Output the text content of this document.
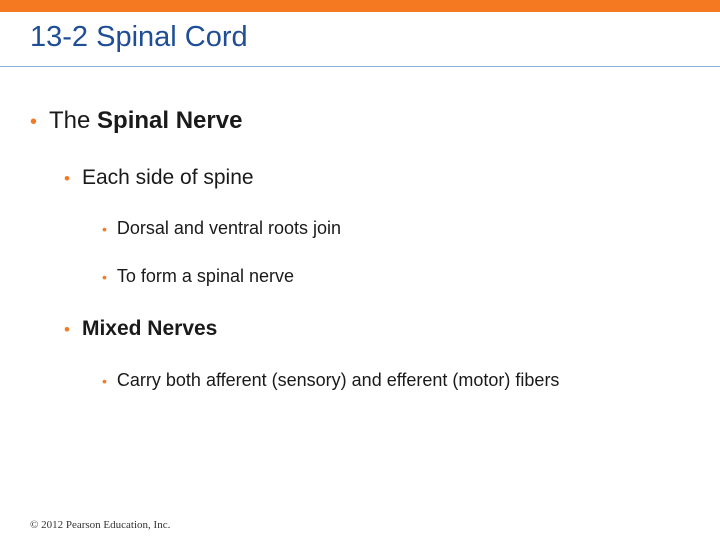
13-2 Spinal Cord
• The Spinal Nerve
• Each side of spine
• Dorsal and ventral roots join
• To form a spinal nerve
• Mixed Nerves
• Carry both afferent (sensory) and efferent (motor) fibers
© 2012 Pearson Education, Inc.
